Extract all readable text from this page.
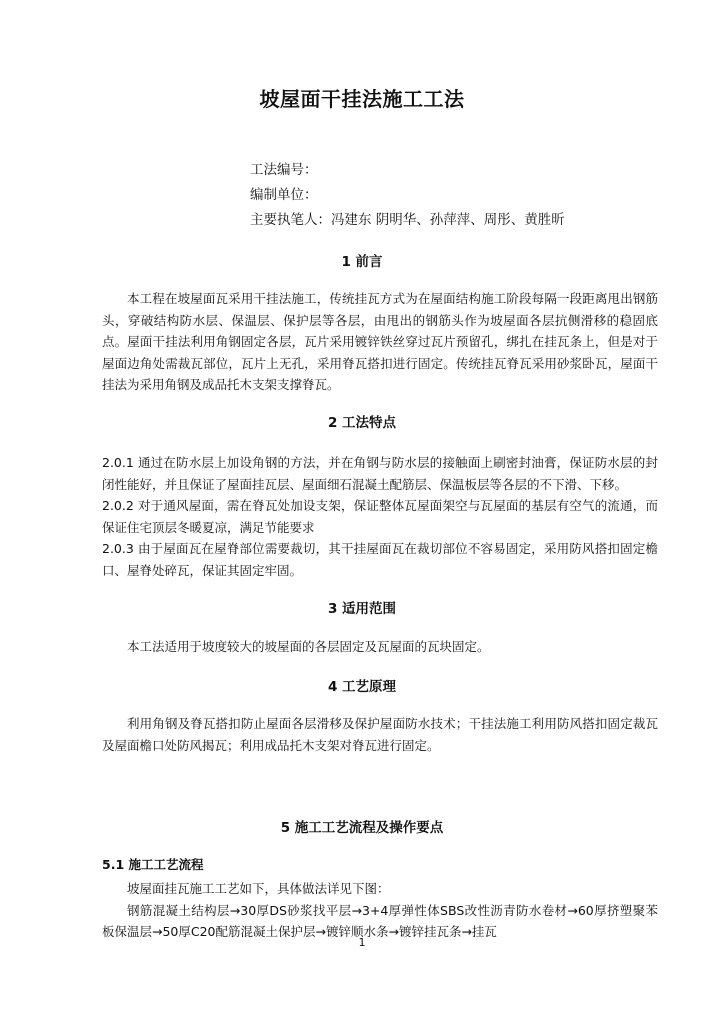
坡屋面干挂法施工工法
工法编号：
编制单位：
主要执笔人：冯建东 阴明华、孙萍萍、周彤、黄胜昕
1 前言

本工程在坡屋面瓦采用干挂法施工，传统挂瓦方式为在屋面结构施工阶段每隔一段距离甩出钢筋头，穿破结构防水层、保温层、保护层等各层，由甩出的钢筋头作为坡屋面各层抗侧滑移的稳固底点。屋面干挂法利用角钢固定各层，瓦片采用镀锌铁丝穿过瓦片预留孔，绑扎在挂瓦条上，但是对于屋面边角处需裁瓦部位，瓦片上无孔，采用脊瓦搭扣进行固定。传统挂瓦脊瓦采用砂浆卧瓦，屋面干挂法为采用角钢及成品托木支架支撑脊瓦。

2 工法特点

2.0.1 通过在防水层上加设角钢的方法，并在角钢与防水层的接触面上刷密封油膏，保证防水层的封闭性能好，并且保证了屋面挂瓦层、屋面细石混凝土配筋层、保温板层等各层的不下滑、下移。

2.0.2 对于通风屋面，需在脊瓦处加设支架，保证整体瓦屋面架空与瓦屋面的基层有空气的流通，而保证住宅顶层冬暖夏凉，满足节能要求

2.0.3 由于屋面瓦在屋脊部位需要裁切，其干挂屋面瓦在裁切部位不容易固定，采用防风搭扣固定檐口、屋脊处碎瓦，保证其固定牢固。

3 适用范围

本工法适用于坡度较大的坡屋面的各层固定及瓦屋面的瓦块固定。

4 工艺原理

利用角钢及脊瓦搭扣防止屋面各层滑移及保护屋面防水技术；干挂法施工利用防风搭扣固定裁瓦及屋面檐口处防风揭瓦；利用成品托木支架对脊瓦进行固定。

5 施工工艺流程及操作要点
5.1 施工工艺流程

坡屋面挂瓦施工工艺如下，具体做法详见下图：

钢筋混凝土结构层→30厚DS砂浆找平层→3+4厚弹性体SBS改性沥青防水卷材→60厚挤塑聚苯板保温层→50厚C20配筋混凝土保护层→镀锌顺水条→镀锌挂瓦条→挂瓦

1
